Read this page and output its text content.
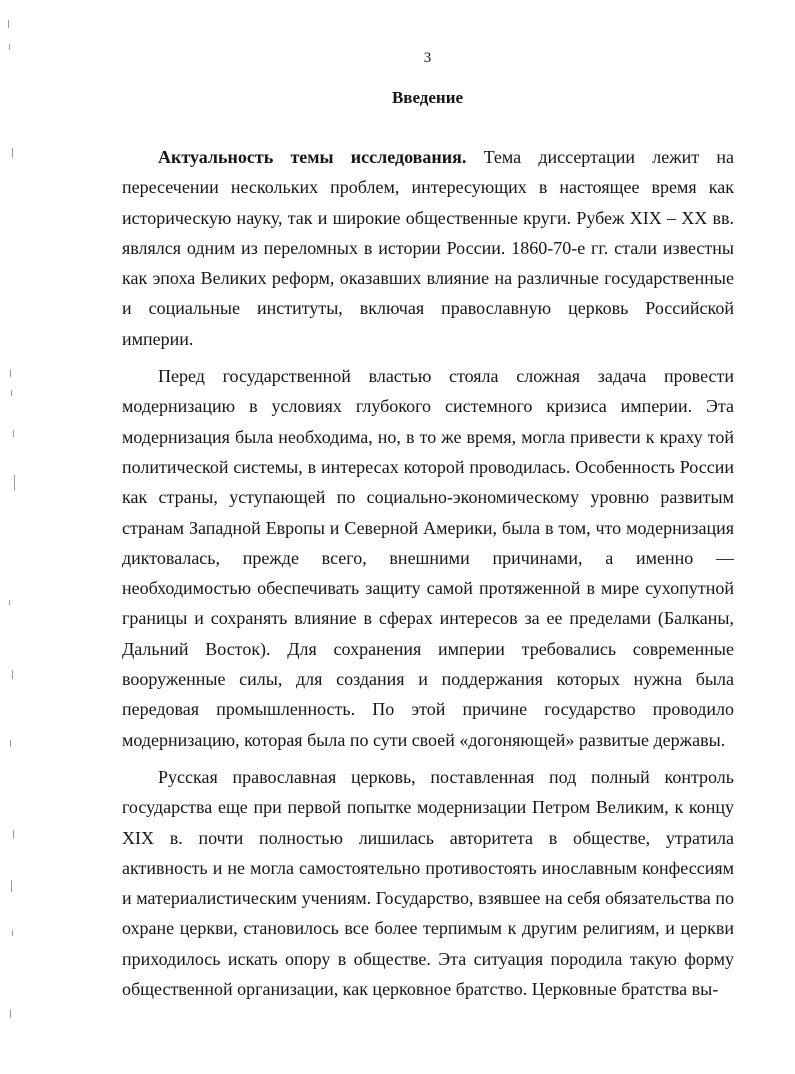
3
Введение

Актуальность темы исследования. Тема диссертации лежит на пересечении нескольких проблем, интересующих в настоящее время как историческую науку, так и широкие общественные круги. Рубеж XIX – XX вв. являлся одним из переломных в истории России. 1860-70-е гг. стали известны как эпоха Великих реформ, оказавших влияние на различные государственные и социальные институты, включая православную церковь Российской империи.

Перед государственной властью стояла сложная задача провести модернизацию в условиях глубокого системного кризиса империи. Эта модернизация была необходима, но, в то же время, могла привести к краху той политической системы, в интересах которой проводилась. Особенность России как страны, уступающей по социально-экономическому уровню развитым странам Западной Европы и Северной Америки, была в том, что модернизация диктовалась, прежде всего, внешними причинами, а именно — необходимостью обеспечивать защиту самой протяженной в мире сухопутной границы и сохранять влияние в сферах интересов за ее пределами (Балканы, Дальний Восток). Для сохранения империи требовались современные вооруженные силы, для создания и поддержания которых нужна была передовая промышленность. По этой причине государство проводило модернизацию, которая была по сути своей «догоняющей» развитые державы.

Русская православная церковь, поставленная под полный контроль государства еще при первой попытке модернизации Петром Великим, к концу XIX в. почти полностью лишилась авторитета в обществе, утратила активность и не могла самостоятельно противостоять инославным конфессиям и материалистическим учениям. Государство, взявшее на себя обязательства по охране церкви, становилось все более терпимым к другим религиям, и церкви приходилось искать опору в обществе. Эта ситуация породила такую форму общественной организации, как церковное братство. Церковные братства вы-
